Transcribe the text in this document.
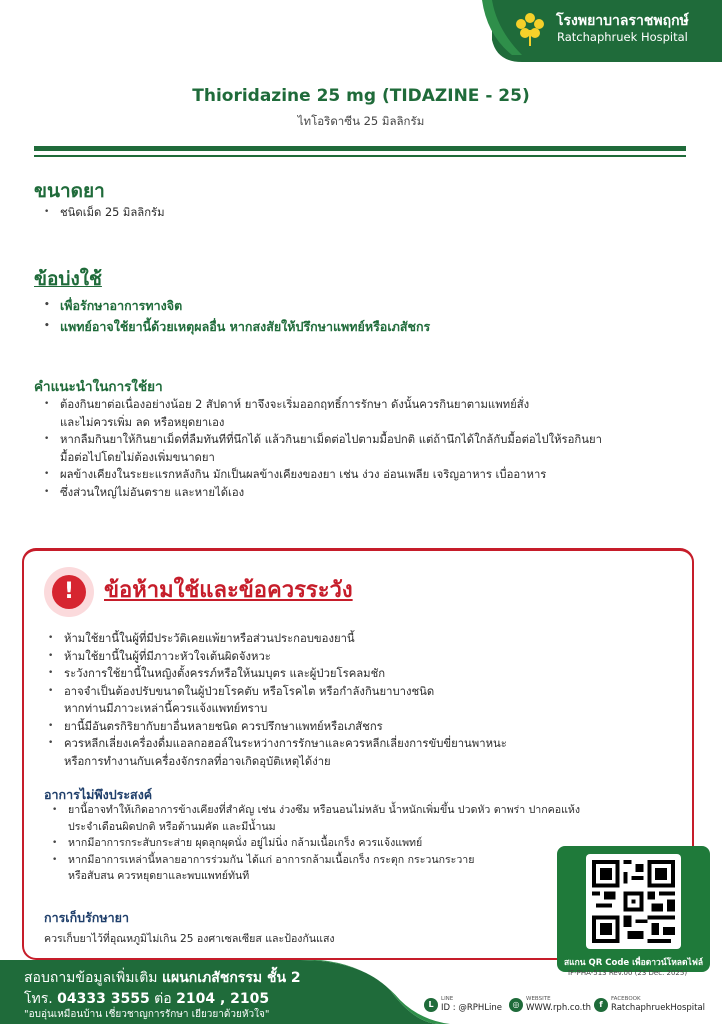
โรงพยาบาลราชพฤกษ์
Ratchaphruek Hospital
Thioridazine 25 mg (TIDAZINE - 25)
ไทโอริดาซีน 25 มิลลิกรัม
ขนาดยา
• ชนิดเม็ด 25 มิลลิกรัม
ข้อบ่งใช้
• เพื่อรักษาอาการทางจิต
• แพทย์อาจใช้ยานี้ด้วยเหตุผลอื่น หากสงสัยให้ปรึกษาแพทย์หรือเภสัชกร
คำแนะนำในการใช้ยา
• ต้องกินยาต่อเนื่องอย่างน้อย 2 สัปดาห์ ยาจึงจะเริ่มออกฤทธิ์การรักษา ดังนั้นควรกินยาตามแพทย์สั่ง
และไม่ควรเพิ่ม ลด หรือหยุดยาเอง
• หากลืมกินยาให้กินยาเม็ดที่ลืมทันทีที่นึกได้ แล้วกินยาเม็ดต่อไปตามมื้อปกติ แต่ถ้านึกได้ใกล้กับมื้อต่อไปให้รอกินยา
มื้อต่อไปโดยไม่ต้องเพิ่มขนาดยา
• ผลข้างเคียงในระยะแรกหลังกิน มักเป็นผลข้างเคียงของยา เช่น ง่วง อ่อนเพลีย เจริญอาหาร เบื่ออาหาร
• ซึ่งส่วนใหญ่ไม่อันตราย และหายได้เอง
!	ข้อห้ามใช้และข้อควรระวัง
• ห้ามใช้ยานี้ในผู้ที่มีประวัติเคยแพ้ยาหรือส่วนประกอบของยานี้
• ห้ามใช้ยานี้ในผู้ที่มีภาวะหัวใจเต้นผิดจังหวะ
• ระวังการใช้ยานี้ในหญิงตั้งครรภ์หรือให้นมบุตร และผู้ป่วยโรคลมชัก
• อาจจำเป็นต้องปรับขนาดในผู้ป่วยโรคตับ หรือโรคไต หรือกำลังกินยาบางชนิด
หากท่านมีภาวะเหล่านี้ควรแจ้งแพทย์ทราบ
• ยานี้มีอันตรกิริยากับยาอื่นหลายชนิด ควรปรึกษาแพทย์หรือเภสัชกร
• ควรหลีกเลี่ยงเครื่องดื่มแอลกอฮอล์ในระหว่างการรักษาและควรหลีกเลี่ยงการขับขี่ยานพาหนะ
หรือการทำงานกับเครื่องจักรกลที่อาจเกิดอุบัติเหตุได้ง่าย
อาการไม่พึงประสงค์
• ยานี้อาจทำให้เกิดอาการข้างเคียงที่สำคัญ เช่น ง่วงซึม หรือนอนไม่หลับ น้ำหนักเพิ่มขึ้น ปวดหัว ตาพร่า ปากคอแห้ง
ประจำเดือนผิดปกติ หรือต้านมคัด และมีน้ำนม
• หากมีอาการกระสับกระส่าย ผุดลุกผุดนั่ง อยู่ไม่นิ่ง กล้ามเนื้อเกร็ง ควรแจ้งแพทย์
• หากมีอาการเหล่านี้หลายอาการร่วมกัน ได้แก่ อาการกล้ามเนื้อเกร็ง กระตุก กระวนกระวาย
หรือสับสน ควรหยุดยาและพบแพทย์ทันที
การเก็บรักษายา
ควรเก็บยาไว้ที่อุณหภูมิไม่เกิน 25 องศาเซลเซียส และป้องกันแสง
สแกน QR Code เพื่อดาวน์โหลดไฟล์
IF-PHA-513 Rev.00 (23 Dec. 2025)
สอบถามข้อมูลเพิ่มเติม แผนกเภสัชกรรม ชั้น 2
โทร. 04333 3555 ต่อ 2104 , 2105
"อบอุ่นเหมือนบ้าน เชี่ยวชาญการรักษา เยียวยาด้วยหัวใจ"
L
LINE
ID : @RPHLine	◎
WEBSITE
WWW.rph.co.th	f
FACEBOOK
RatchaphruekHospital
